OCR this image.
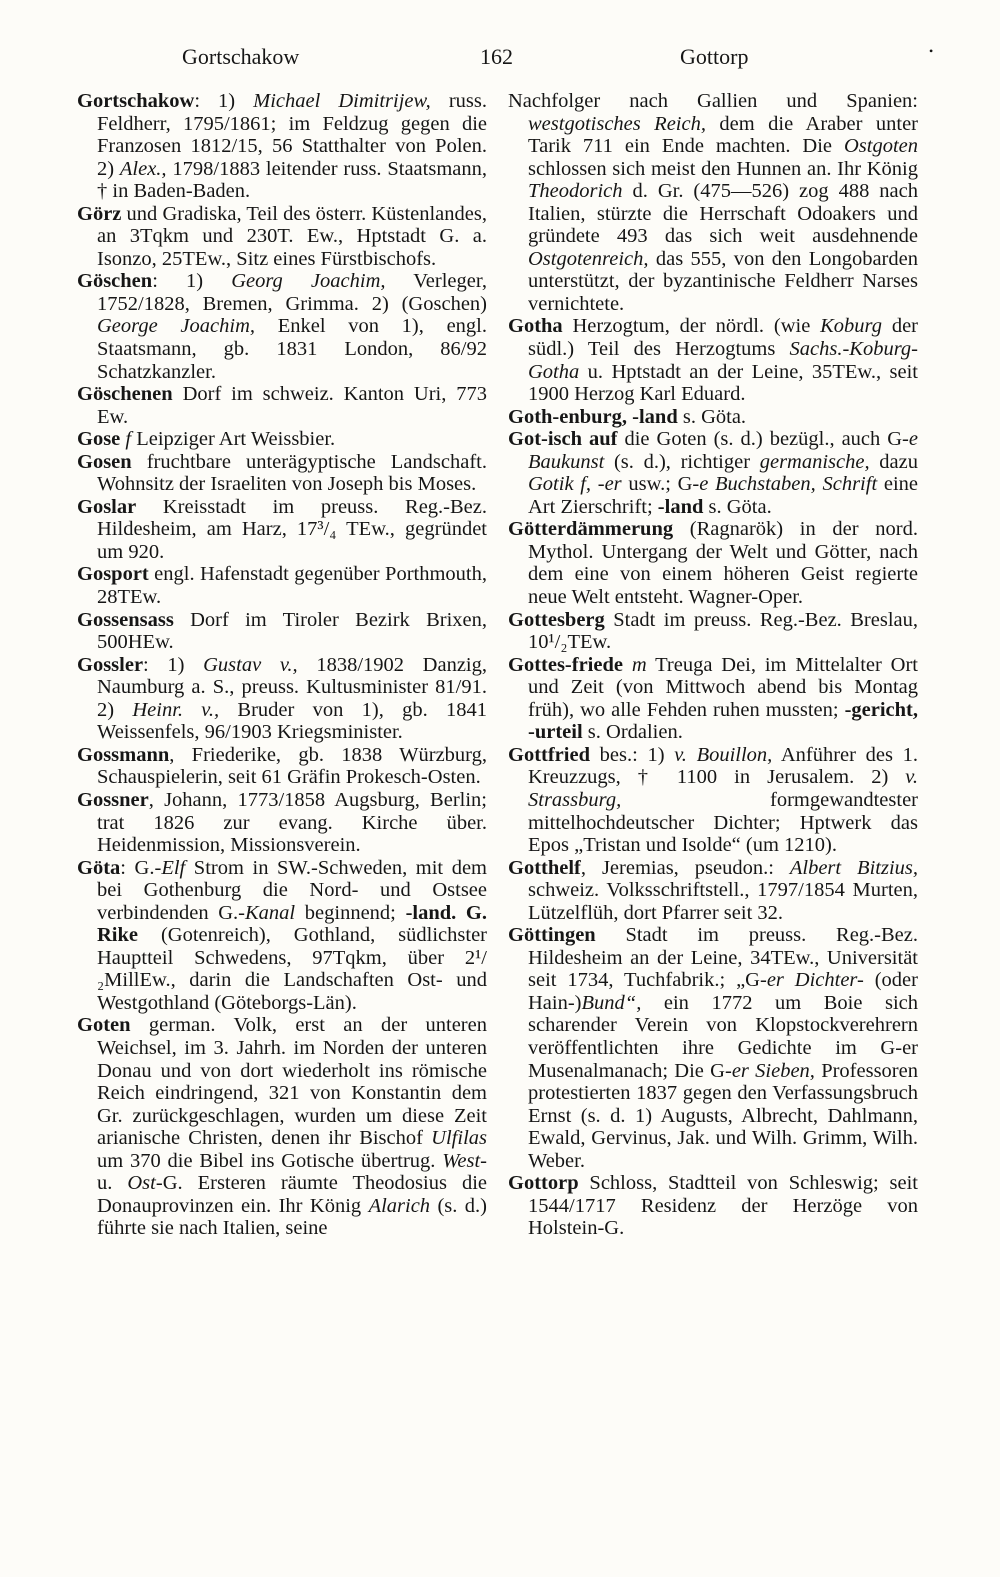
Gortschakow	162	Gottorp	•

Gortschakow: 1) Michael Dimitrijew, russ. Feldherr, 1795/1861; im Feldzug gegen die Franzosen 1812/15, 56 Statthalter von Polen. 2) Alex., 1798/1883 leitender russ. Staatsmann, † in Baden-Baden.

Görz und Gradiska, Teil des österr. Küstenlandes, an 3Tqkm und 230T. Ew., Hptstadt G. a. Isonzo, 25TEw., Sitz eines Fürstbischofs.

Göschen: 1) Georg Joachim, Verleger, 1752/1828, Bremen, Grimma. 2) (Goschen) George Joachim, Enkel von 1), engl. Staatsmann, gb. 1831 London, 86/92 Schatzkanzler.

Göschenen Dorf im schweiz. Kanton Uri, 773 Ew.

Gose f Leipziger Art Weissbier.

Gosen fruchtbare unterägyptische Landschaft. Wohnsitz der Israeliten von Joseph bis Moses.

Goslar Kreisstadt im preuss. Reg.-Bez. Hildesheim, am Harz, 17³/₄ TEw., gegründet um 920.

Gosport engl. Hafenstadt gegenüber Porthmouth, 28TEw.

Gossensass Dorf im Tiroler Bezirk Brixen, 500HEw.

Gossler: 1) Gustav v., 1838/1902 Danzig, Naumburg a. S., preuss. Kultusminister 81/91. 2) Heinr. v., Bruder von 1), gb. 1841 Weissenfels, 96/1903 Kriegsminister.

Gossmann, Friederike, gb. 1838 Würzburg, Schauspielerin, seit 61 Gräfin Prokesch-Osten.

Gossner, Johann, 1773/1858 Augsburg, Berlin; trat 1826 zur evang. Kirche über. Heidenmission, Missionsverein.

Göta: G.-Elf Strom in SW.-Schweden, mit dem bei Gothenburg die Nord- und Ostsee verbindenden G.-Kanal beginnend; -land. G. Rike (Gotenreich), Gothland, südlichster Hauptteil Schwedens, 97Tqkm, über 2¹/₂MillEw., darin die Landschaften Ost- und Westgothland (Göteborgs-Län).

Goten german. Volk, erst an der unteren Weichsel, im 3. Jahrh. im Norden der unteren Donau und von dort wiederholt ins römische Reich eindringend, 321 von Konstantin dem Gr. zurückgeschlagen, wurden um diese Zeit arianische Christen, denen ihr Bischof Ulfilas um 370 die Bibel ins Gotische übertrug. West- u. Ost-G. Ersteren räumte Theodosius die Donauprovinzen ein. Ihr König Alarich (s. d.) führte sie nach Italien, seine

Nachfolger nach Gallien und Spanien: westgotisches Reich, dem die Araber unter Tarik 711 ein Ende machten. Die Ostgoten schlossen sich meist den Hunnen an. Ihr König Theodorich d. Gr. (475—526) zog 488 nach Italien, stürzte die Herrschaft Odoakers und gründete 493 das sich weit ausdehnende Ostgotenreich, das 555, von den Longobarden unterstützt, der byzantinische Feldherr Narses vernichtete.

Gotha Herzogtum, der nördl. (wie Koburg der südl.) Teil des Herzogtums Sachs.-Koburg-Gotha u. Hptstadt an der Leine, 35TEw., seit 1900 Herzog Karl Eduard.

Goth-enburg, -land s. Göta.

Got-isch auf die Goten (s. d.) bezügl., auch G-e Baukunst (s. d.), richtiger germanische, dazu Gotik f, -er usw.; G-e Buchstaben, Schrift eine Art Zierschrift; -land s. Göta.

Götterdämmerung (Ragnarök) in der nord. Mythol. Untergang der Welt und Götter, nach dem eine von einem höheren Geist regierte neue Welt entsteht. Wagner-Oper.

Gottesberg Stadt im preuss. Reg.-Bez. Breslau, 10¹/₂TEw.

Gottes-friede m Treuga Dei, im Mittelalter Ort und Zeit (von Mittwoch abend bis Montag früh), wo alle Fehden ruhen mussten; -gericht, -urteil s. Ordalien.

Gottfried bes.: 1) v. Bouillon, Anführer des 1. Kreuzzugs, † 1100 in Jerusalem. 2) v. Strassburg, formgewandtester mittelhochdeutscher Dichter; Hptwerk das Epos „Tristan und Isolde“ (um 1210).

Gotthelf, Jeremias, pseudon.: Albert Bitzius, schweiz. Volksschriftstell., 1797/1854 Murten, Lützelflüh, dort Pfarrer seit 32.

Göttingen Stadt im preuss. Reg.-Bez. Hildesheim an der Leine, 34TEw., Universität seit 1734, Tuchfabrik.; „G-er Dichter- (oder Hain-)Bund“, ein 1772 um Boie sich scharender Verein von Klopstockverehrern veröffentlichten ihre Gedichte im G-er Musenalmanach; Die G-er Sieben, Professoren protestierten 1837 gegen den Verfassungsbruch Ernst (s. d. 1) Augusts, Albrecht, Dahlmann, Ewald, Gervinus, Jak. und Wilh. Grimm, Wilh. Weber.

Gottorp Schloss, Stadtteil von Schleswig; seit 1544/1717 Residenz der Herzöge von Holstein-G.
